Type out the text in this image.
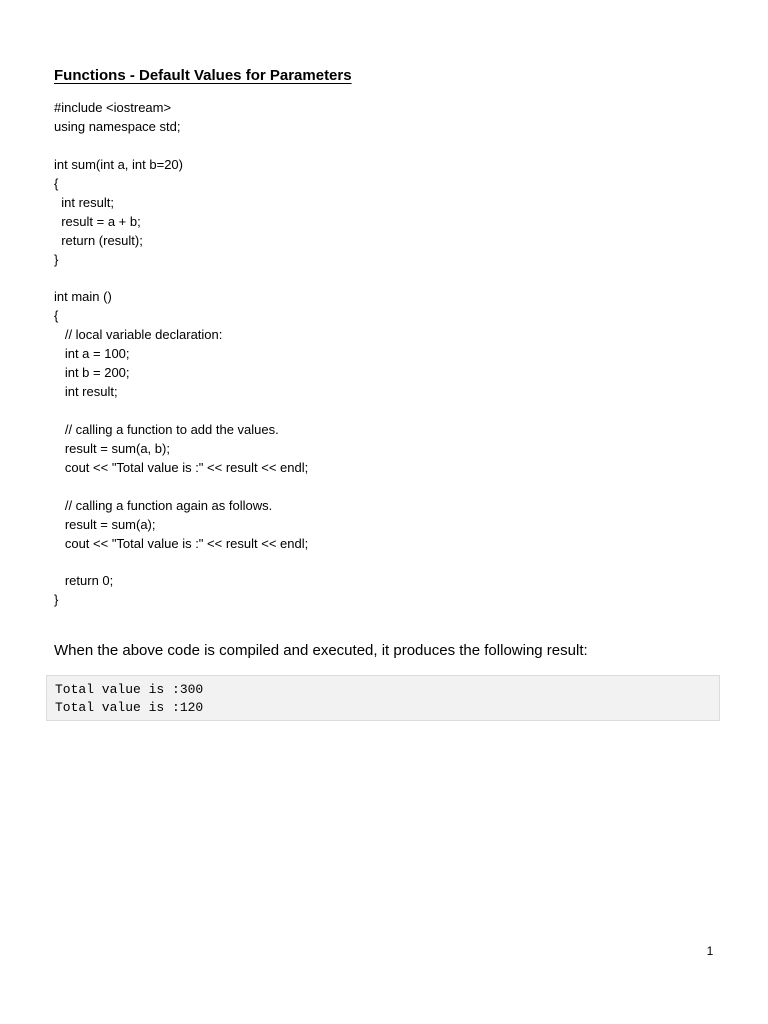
Functions - Default Values for Parameters
#include <iostream>
using namespace std;
int sum(int a, int b=20)
{
int result;
result = a + b;
return (result);
}
int main ()
{
// local variable declaration:
int a = 100;
int b = 200;
int result;
// calling a function to add the values.
result = sum(a, b);
cout << "Total value is :" << result << endl;
// calling a function again as follows.
result = sum(a);
cout << "Total value is :" << result << endl;
return 0;
}

When the above code is compiled and executed, it produces the following result:

Total value is :300
Total value is :120
1
